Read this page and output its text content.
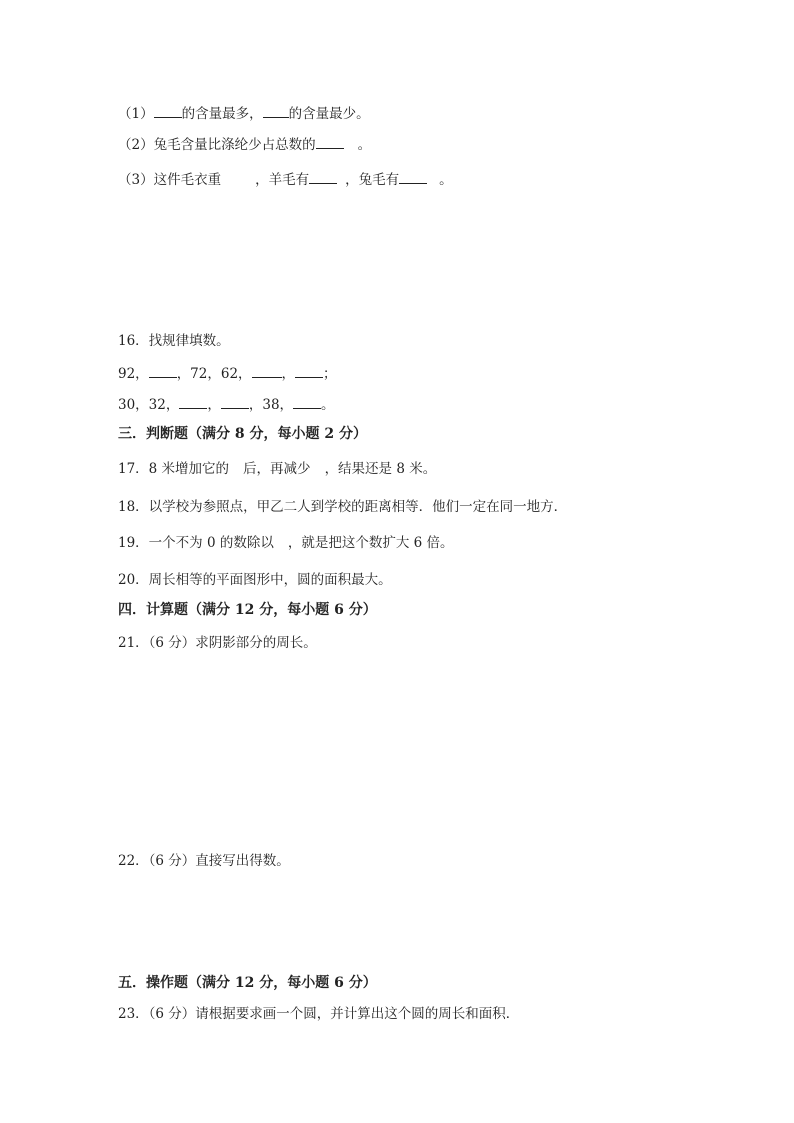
（1） 的含量最多， 的含量最少。
（2）兔毛含量比涤纶少占总数的	。
（3）这件毛衣重	，羊毛有	，兔毛有	。
16．找规律填数。
92， ，72，62， ， ；
30，32， ， ，38， 。
三．判断题（满分 8 分，每小题 2 分）
17．8 米增加它的 后，再减少 ，结果还是 8 米。
18．以学校为参照点，甲乙二人到学校的距离相等．他们一定在同一地方．
19．一个不为 0 的数除以 ，就是把这个数扩大 6 倍。
20．周长相等的平面图形中，圆的面积最大。
四．计算题（满分 12 分，每小题 6 分）
21．（6 分）求阴影部分的周长。
22．（6 分）直接写出得数。
五．操作题（满分 12 分，每小题 6 分）
23．（6 分）请根据要求画一个圆，并计算出这个圆的周长和面积．
